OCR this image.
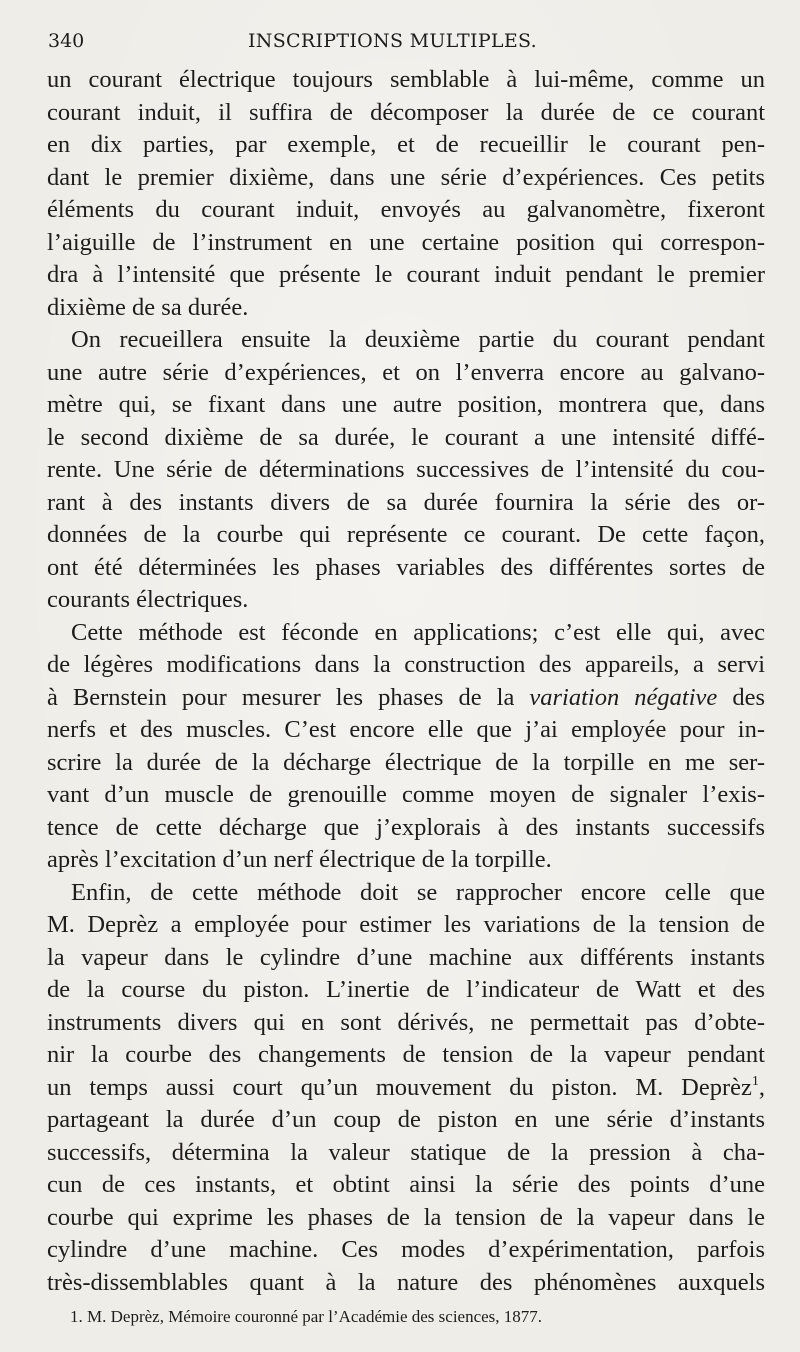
340	INSCRIPTIONS MULTIPLES.
un courant électrique toujours semblable à lui-même, comme un
courant induit, il suffira de décomposer la durée de ce courant
en dix parties, par exemple, et de recueillir le courant pen-
dant le premier dixième, dans une série d’expériences. Ces petits
éléments du courant induit, envoyés au galvanomètre, fixeront
l’aiguille de l’instrument en une certaine position qui correspon-
dra à l’intensité que présente le courant induit pendant le premier
dixième de sa durée.
On recueillera ensuite la deuxième partie du courant pendant
une autre série d’expériences, et on l’enverra encore au galvano-
mètre qui, se fixant dans une autre position, montrera que, dans
le second dixième de sa durée, le courant a une intensité diffé-
rente. Une série de déterminations successives de l’intensité du cou-
rant à des instants divers de sa durée fournira la série des or-
données de la courbe qui représente ce courant. De cette façon,
ont été déterminées les phases variables des différentes sortes de
courants électriques.
Cette méthode est féconde en applications; c’est elle qui, avec
de légères modifications dans la construction des appareils, a servi
à Bernstein pour mesurer les phases de la variation négative des
nerfs et des muscles. C’est encore elle que j’ai employée pour in-
scrire la durée de la décharge électrique de la torpille en me ser-
vant d’un muscle de grenouille comme moyen de signaler l’exis-
tence de cette décharge que j’explorais à des instants successifs
après l’excitation d’un nerf électrique de la torpille.
Enfin, de cette méthode doit se rapprocher encore celle que
M. Deprèz a employée pour estimer les variations de la tension de
la vapeur dans le cylindre d’une machine aux différents instants
de la course du piston. L’inertie de l’indicateur de Watt et des
instruments divers qui en sont dérivés, ne permettait pas d’obte-
nir la courbe des changements de tension de la vapeur pendant
un temps aussi court qu’un mouvement du piston. M. Deprèz$^1$,
partageant la durée d’un coup de piston en une série d’instants
successifs, détermina la valeur statique de la pression à cha-
cun de ces instants, et obtint ainsi la série des points d’une
courbe qui exprime les phases de la tension de la vapeur dans le
cylindre d’une machine. Ces modes d’expérimentation, parfois
très-dissemblables quant à la nature des phénomènes auxquels
1. M. Deprèz, Mémoire couronné par l’Académie des sciences, 1877.
